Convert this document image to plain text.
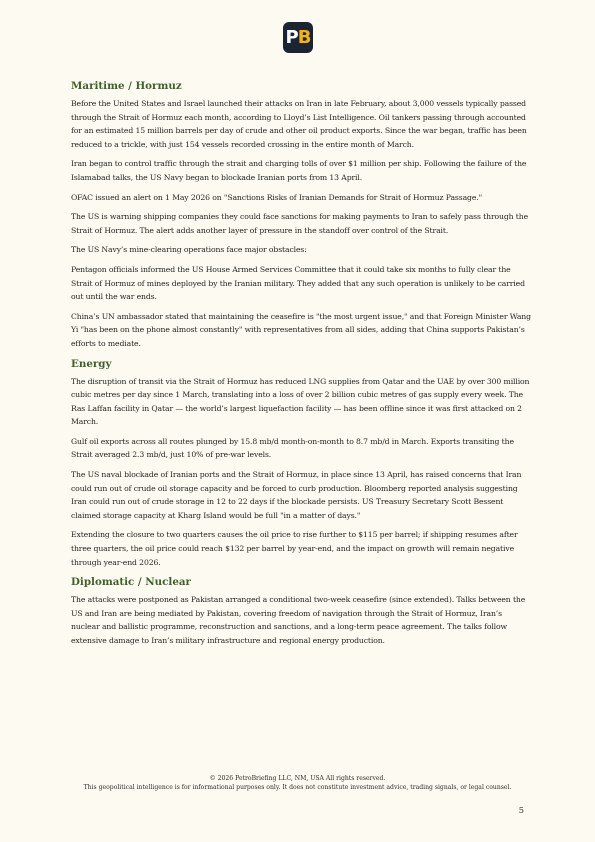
P B
Maritime / Hormuz

Before the United States and Israel launched their attacks on Iran in late February, about 3,000 vessels typically passed through the Strait of Hormuz each month, according to Lloyd’s List Intelligence. Oil tankers passing through accounted for an estimated 15 million barrels per day of crude and other oil product exports. Since the war began, traffic has been reduced to a trickle, with just 154 vessels recorded crossing in the entire month of March.

Iran began to control traffic through the strait and charging tolls of over $1 million per ship. Following the failure of the Islamabad talks, the US Navy began to blockade Iranian ports from 13 April.

OFAC issued an alert on 1 May 2026 on "Sanctions Risks of Iranian Demands for Strait of Hormuz Passage."

The US is warning shipping companies they could face sanctions for making payments to Iran to safely pass through the Strait of Hormuz. The alert adds another layer of pressure in the standoff over control of the Strait.

The US Navy’s mine-clearing operations face major obstacles:

Pentagon officials informed the US House Armed Services Committee that it could take six months to fully clear the Strait of Hormuz of mines deployed by the Iranian military. They added that any such operation is unlikely to be carried out until the war ends.

China’s UN ambassador stated that maintaining the ceasefire is "the most urgent issue," and that Foreign Minister Wang Yi "has been on the phone almost constantly" with representatives from all sides, adding that China supports Pakistan’s efforts to mediate.

Energy

The disruption of transit via the Strait of Hormuz has reduced LNG supplies from Qatar and the UAE by over 300 million cubic metres per day since 1 March, translating into a loss of over 2 billion cubic metres of gas supply every week. The Ras Laffan facility in Qatar — the world’s largest liquefaction facility — has been offline since it was first attacked on 2 March.

Gulf oil exports across all routes plunged by 15.8 mb/d month-on-month to 8.7 mb/d in March. Exports transiting the Strait averaged 2.3 mb/d, just 10% of pre-war levels.

The US naval blockade of Iranian ports and the Strait of Hormuz, in place since 13 April, has raised concerns that Iran could run out of crude oil storage capacity and be forced to curb production. Bloomberg reported analysis suggesting Iran could run out of crude storage in 12 to 22 days if the blockade persists. US Treasury Secretary Scott Bessent claimed storage capacity at Kharg Island would be full "in a matter of days."

Extending the closure to two quarters causes the oil price to rise further to $115 per barrel; if shipping resumes after three quarters, the oil price could reach $132 per barrel by year-end, and the impact on growth will remain negative through year-end 2026.

Diplomatic / Nuclear

The attacks were postponed as Pakistan arranged a conditional two-week ceasefire (since extended). Talks between the US and Iran are being mediated by Pakistan, covering freedom of navigation through the Strait of Hormuz, Iran’s nuclear and ballistic programme, reconstruction and sanctions, and a long-term peace agreement. The talks follow extensive damage to Iran’s military infrastructure and regional energy production.

© 2026 PetroBriefing LLC, NM, USA All rights reserved.
This geopolitical intelligence is for informational purposes only. It does not constitute investment advice, trading signals, or legal counsel.
5
